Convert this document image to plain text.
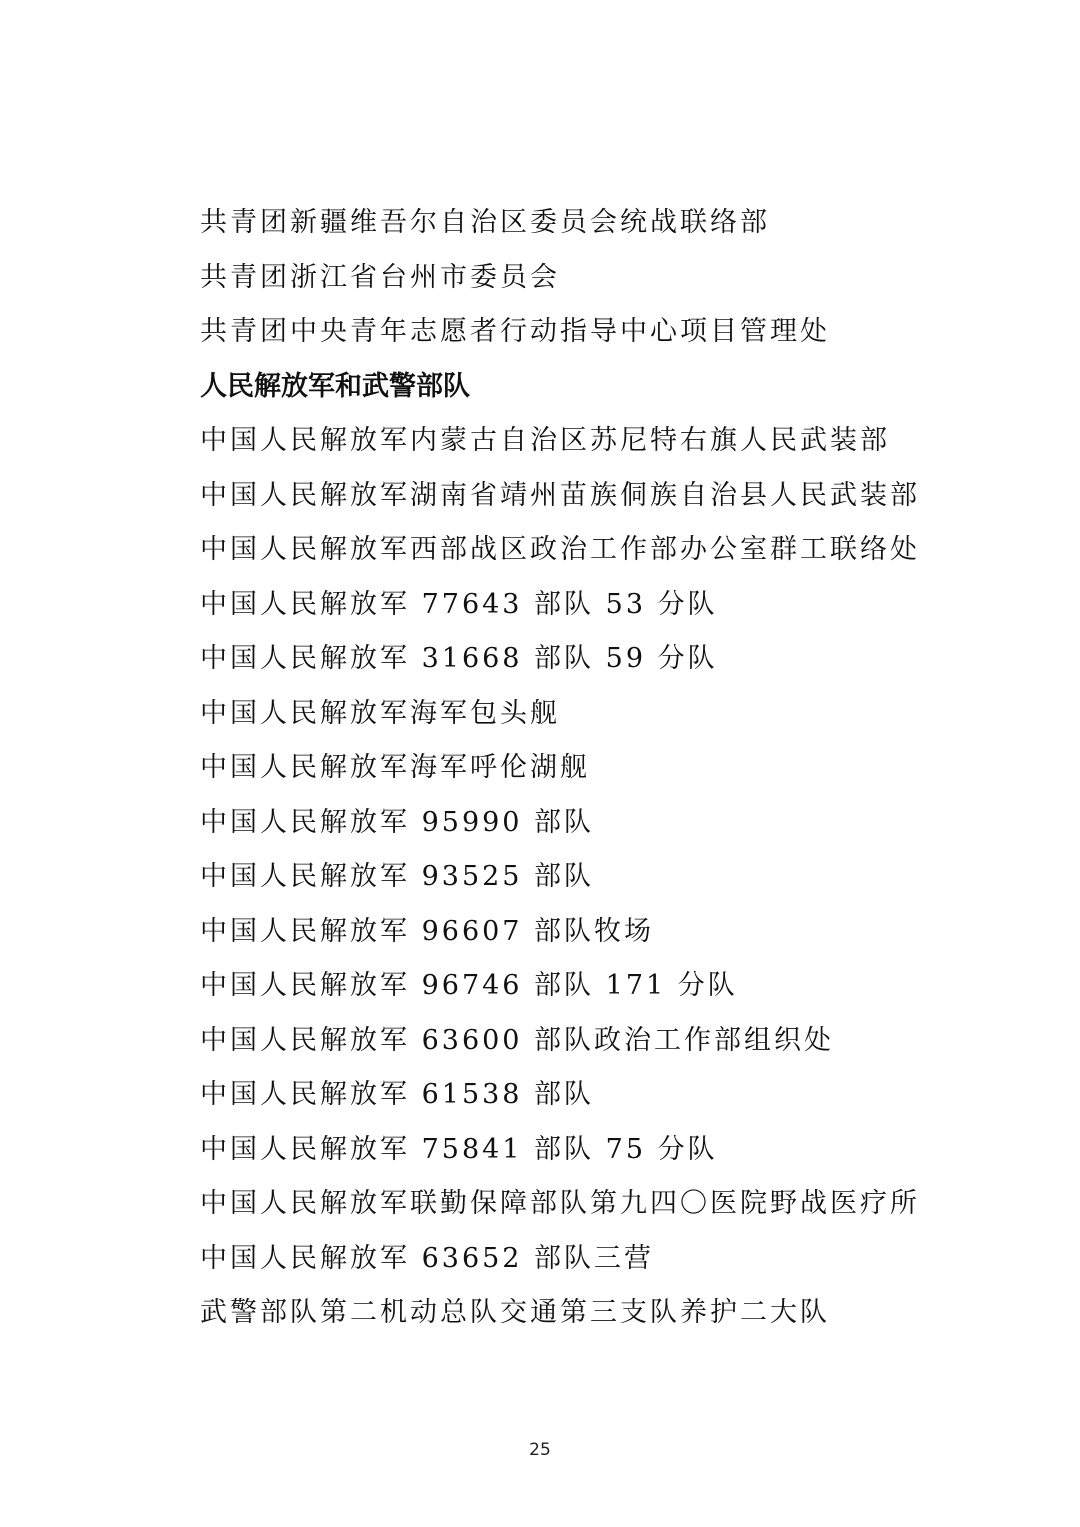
共青团新疆维吾尔自治区委员会统战联络部
共青团浙江省台州市委员会
共青团中央青年志愿者行动指导中心项目管理处
人民解放军和武警部队
中国人民解放军内蒙古自治区苏尼特右旗人民武装部
中国人民解放军湖南省靖州苗族侗族自治县人民武装部
中国人民解放军西部战区政治工作部办公室群工联络处
中国人民解放军 77643 部队 53 分队
中国人民解放军 31668 部队 59 分队
中国人民解放军海军包头舰
中国人民解放军海军呼伦湖舰
中国人民解放军 95990 部队
中国人民解放军 93525 部队
中国人民解放军 96607 部队牧场
中国人民解放军 96746 部队 171 分队
中国人民解放军 63600 部队政治工作部组织处
中国人民解放军 61538 部队
中国人民解放军 75841 部队 75 分队
中国人民解放军联勤保障部队第九四〇医院野战医疗所
中国人民解放军 63652 部队三营
武警部队第二机动总队交通第三支队养护二大队
25
